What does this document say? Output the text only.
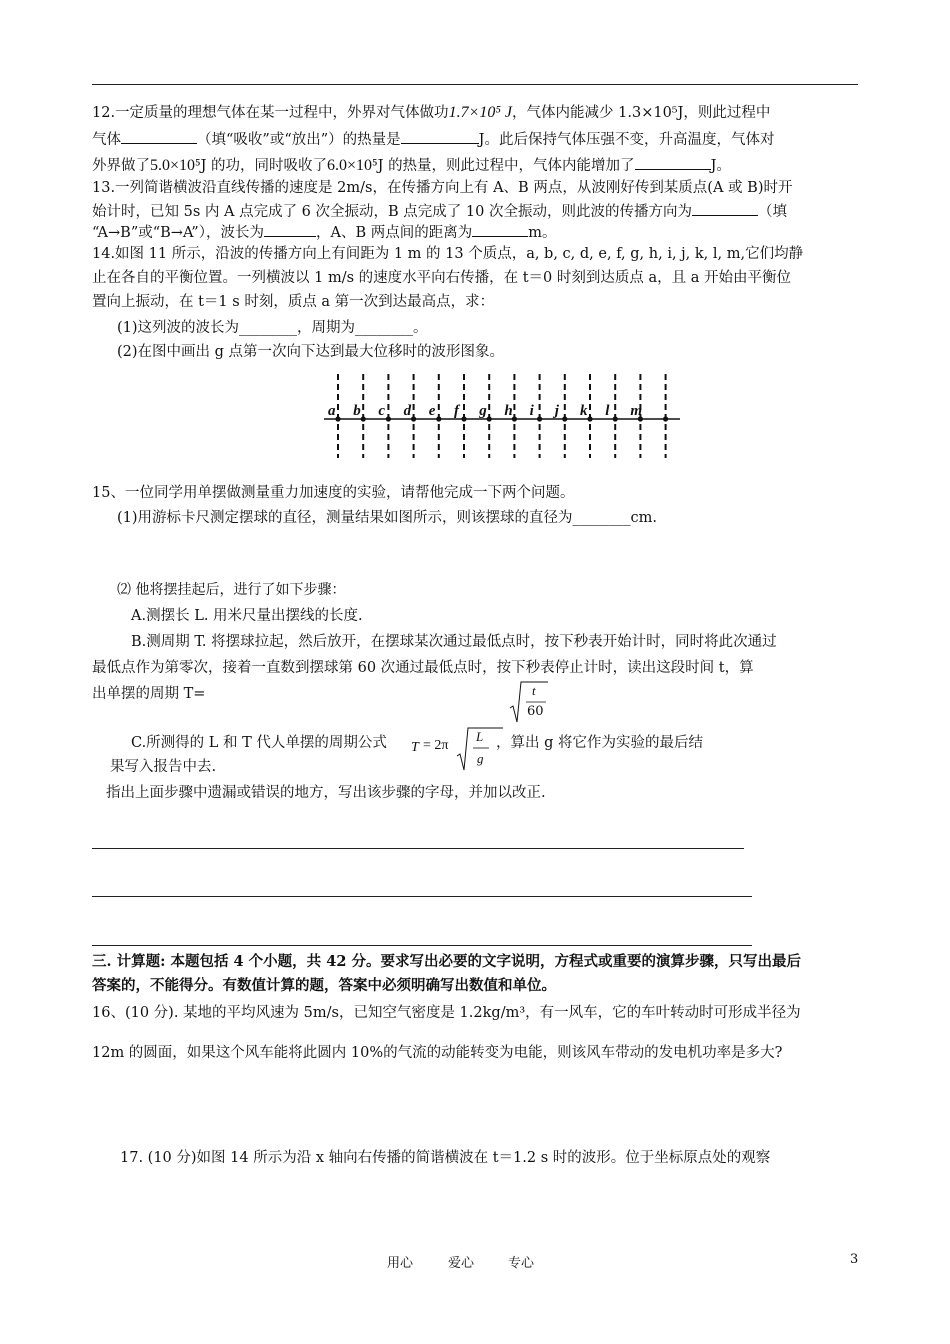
12.一定质量的理想气体在某一过程中，外界对气体做功1.7×10⁵ J，气体内能减少 1.3×10⁵J，则此过程中
气体	（填“吸收”或“放出”）的热量是	J。此后保持气体压强不变，升高温度，气体对
外界做了5.0×10⁵J 的功，同时吸收了6.0×10⁵J 的热量，则此过程中，气体内能增加了	J。
13.一列简谐横波沿直线传播的速度是 2m/s，在传播方向上有 A、B 两点，从波刚好传到某质点(A 或 B)时开
始计时，已知 5s 内 A 点完成了 6 次全振动，B 点完成了 10 次全振动，则此波的传播方向为	（填
“A→B”或“B→A”），波长为	，A、B 两点间的距离为	m。
14.如图 11 所示，沿波的传播方向上有间距为 1 m 的 13 个质点，a, b, c, d, e, f, g, h, i, j, k, l, m,它们均静
止在各自的平衡位置。一列横波以 1 m/s 的速度水平向右传播，在 t＝0 时刻到达质点 a，且 a 开始由平衡位
置向上振动，在 t＝1 s 时刻，质点 a 第一次到达最高点，求：
(1)这列波的波长为________，周期为________。
(2)在图中画出 g 点第一次向下达到最大位移时的波形图象。
a b c d e f g h i j k l m
15、一位同学用单摆做测量重力加速度的实验，请帮他完成一下两个问题。
(1)用游标卡尺测定摆球的直径，测量结果如图所示，则该摆球的直径为________cm.
⑵ 他将摆挂起后，进行了如下步骤：
A.测摆长 L. 用米尺量出摆线的长度.
B.测周期 T. 将摆球拉起，然后放开，在摆球某次通过最低点时，按下秒表开始计时，同时将此次通过
最低点作为第零次，接着一直数到摆球第 60 次通过最低点时，按下秒表停止计时，读出这段时间 t，算
出单摆的周期 T=	t
60
C.所测得的 L 和 T 代人单摆的周期公式 T = 2π
L
g
，算出 g 将它作为实验的最后结
果写入报告中去.
指出上面步骤中遗漏或错误的地方，写出该步骤的字母，并加以改正.
三. 计算题: 本题包括 4 个小题，共 42 分。要求写出必要的文字说明，方程式或重要的演算步骤，只写出最后
答案的，不能得分。有数值计算的题，答案中必须明确写出数值和单位。
16、(10 分). 某地的平均风速为 5m/s，已知空气密度是 1.2kg/m³，有一风车，它的车叶转动时可形成半径为
12m 的圆面，如果这个风车能将此圆内 10%的气流的动能转变为电能，则该风车带动的发电机功率是多大?
17. (10 分)如图 14 所示为沿 x 轴向右传播的简谐横波在 t＝1.2 s 时的波形。位于坐标原点处的观察
用心	爱心	专心	3
